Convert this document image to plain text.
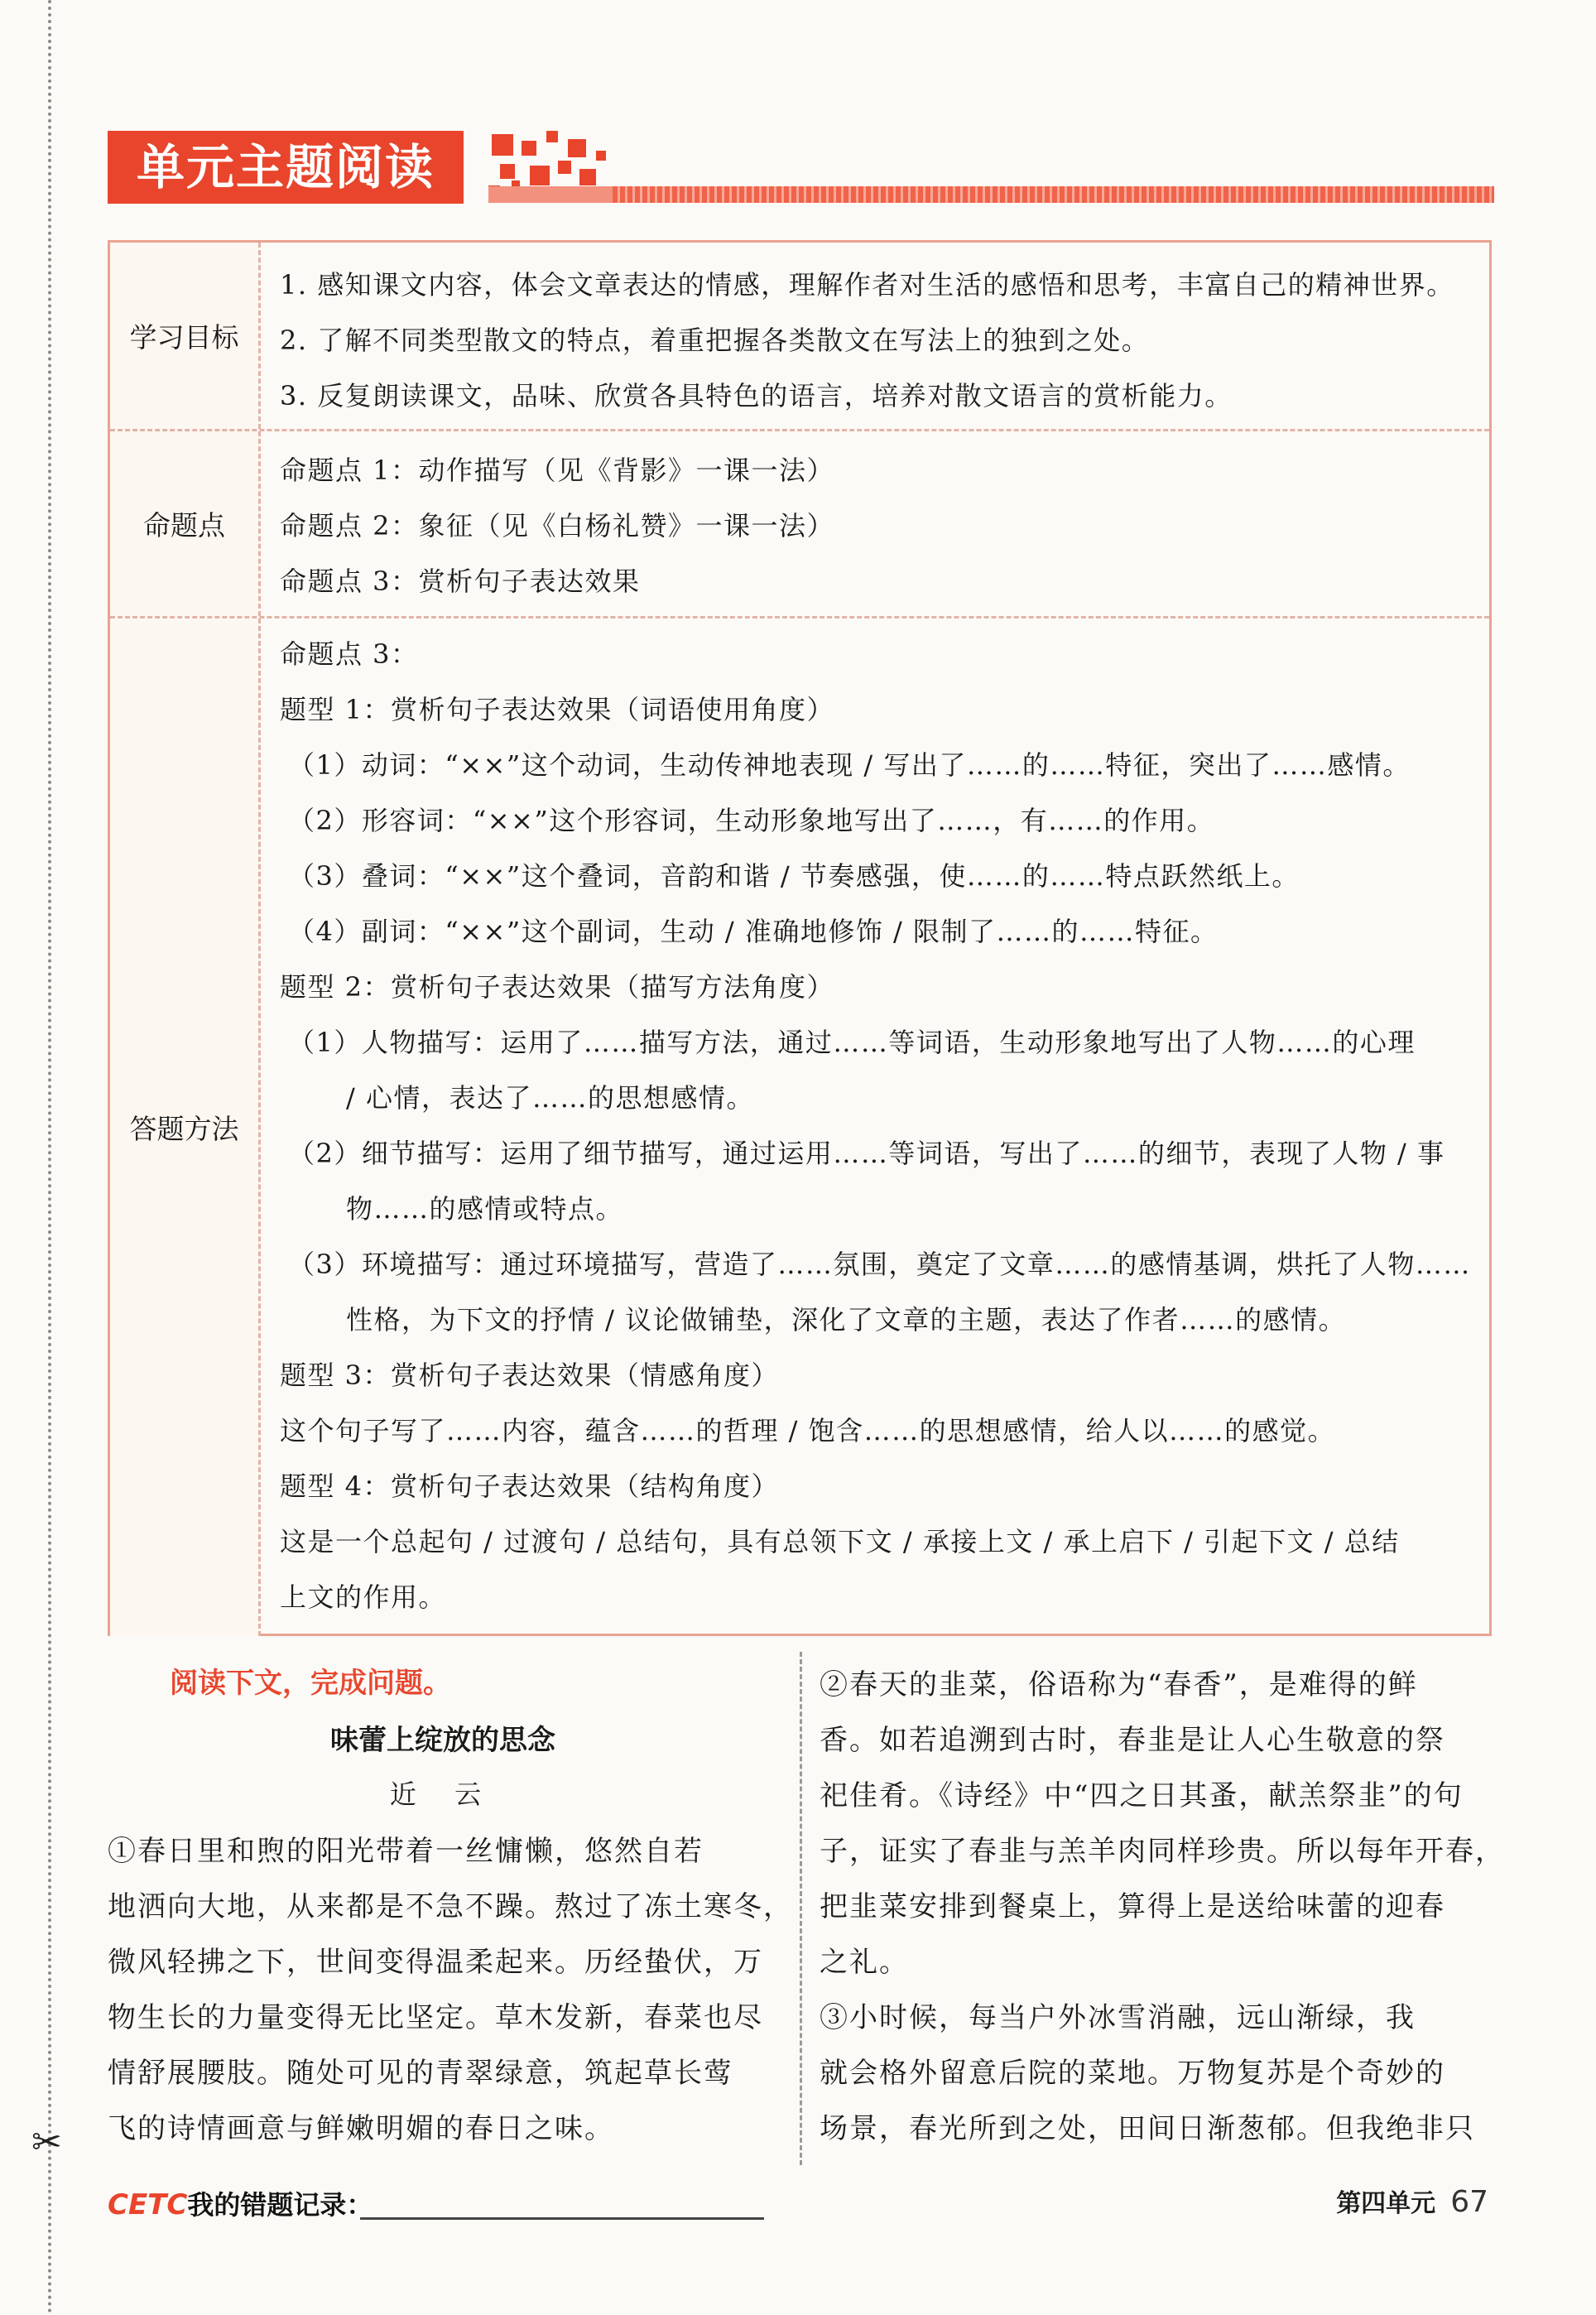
单元主题阅读
学习目标
1. 感知课文内容，体会文章表达的情感，理解作者对生活的感悟和思考，丰富自己的精神世界。
2. 了解不同类型散文的特点，着重把握各类散文在写法上的独到之处。
3. 反复朗读课文，品味、欣赏各具特色的语言，培养对散文语言的赏析能力。
命题点
命题点 1：动作描写（见《背影》一课一法）
命题点 2：象征（见《白杨礼赞》一课一法）
命题点 3：赏析句子表达效果
答题方法
命题点 3：
题型 1：赏析句子表达效果（词语使用角度）
（1）动词：“××”这个动词，生动传神地表现 / 写出了……的……特征，突出了……感情。
（2）形容词：“××”这个形容词，生动形象地写出了……，有……的作用。
（3）叠词：“××”这个叠词，音韵和谐 / 节奏感强，使……的……特点跃然纸上。
（4）副词：“××”这个副词，生动 / 准确地修饰 / 限制了……的……特征。
题型 2：赏析句子表达效果（描写方法角度）
（1）人物描写：运用了……描写方法，通过……等词语，生动形象地写出了人物……的心理
/ 心情，表达了……的思想感情。
（2）细节描写：运用了细节描写，通过运用……等词语，写出了……的细节，表现了人物 / 事
物……的感情或特点。
（3）环境描写：通过环境描写，营造了……氛围，奠定了文章……的感情基调，烘托了人物……
性格，为下文的抒情 / 议论做铺垫，深化了文章的主题，表达了作者……的感情。
题型 3：赏析句子表达效果（情感角度）
这个句子写了……内容，蕴含……的哲理 / 饱含……的思想感情，给人以……的感觉。
题型 4：赏析句子表达效果（结构角度）
这是一个总起句 / 过渡句 / 总结句，具有总领下文 / 承接上文 / 承上启下 / 引起下文 / 总结
上文的作用。
阅读下文，完成问题。
味蕾上绽放的思念
近 云
①春日里和煦的阳光带着一丝慵懒，悠然自若
地洒向大地，从来都是不急不躁。熬过了冻土寒冬，
微风轻拂之下，世间变得温柔起来。历经蛰伏，万
物生长的力量变得无比坚定。草木发新，春菜也尽
情舒展腰肢。随处可见的青翠绿意，筑起草长莺
飞的诗情画意与鲜嫩明媚的春日之味。
②春天的韭菜，俗语称为“春香”，是难得的鲜
香。如若追溯到古时，春韭是让人心生敬意的祭
祀佳肴。《诗经》中“四之日其蚤，献羔祭韭”的句
子，证实了春韭与羔羊肉同样珍贵。所以每年开春，
把韭菜安排到餐桌上，算得上是送给味蕾的迎春
之礼。
③小时候，每当户外冰雪消融，远山渐绿，我
就会格外留意后院的菜地。万物复苏是个奇妙的
场景，春光所到之处，田间日渐葱郁。但我绝非只
✂
CETC我的错题记录：	第四单元 67
